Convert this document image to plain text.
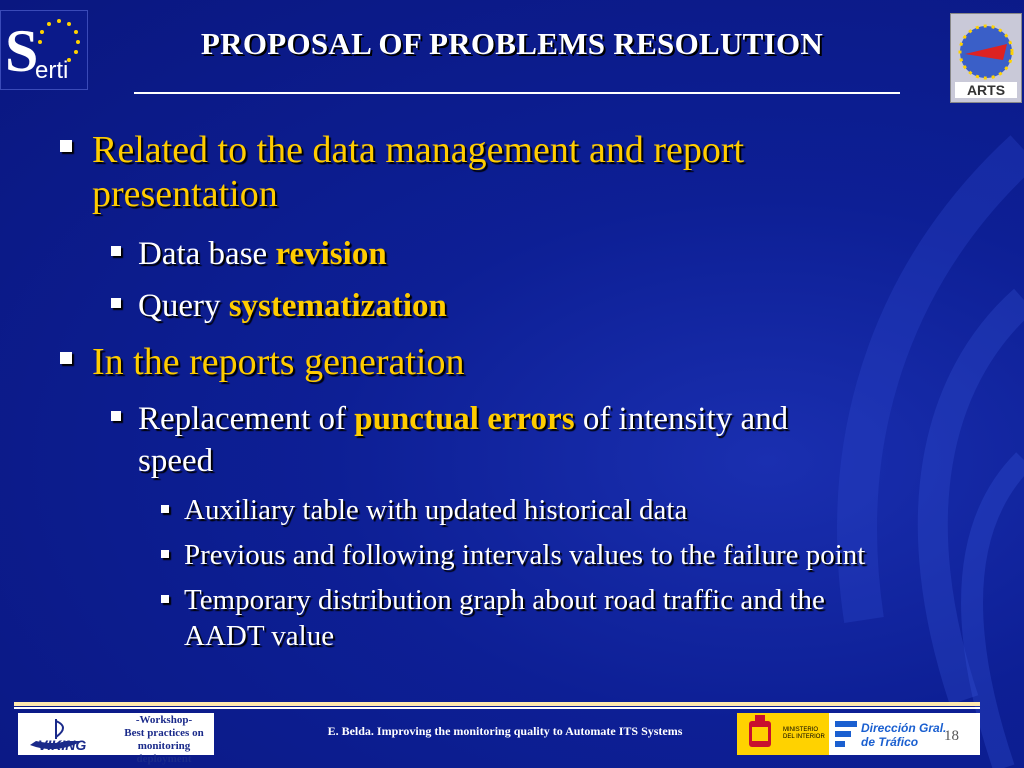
S
erti
ARTS
PROPOSAL OF PROBLEMS RESOLUTION
Related to the data management and report
presentation
Data base revision
Query systematization
In the reports generation
Replacement of punctual errors of intensity and
speed
Auxiliary table with updated historical data
Previous and following intervals values to the failure point
Temporary distribution graph about road traffic and the
AADT value
VIKING
-Workshop-
Best practices on
monitoring deployment
E. Belda. Improving the monitoring quality to Automate ITS Systems	MINISTERIO DEL INTERIOR
Dirección Gral.
de Tráfico	18
